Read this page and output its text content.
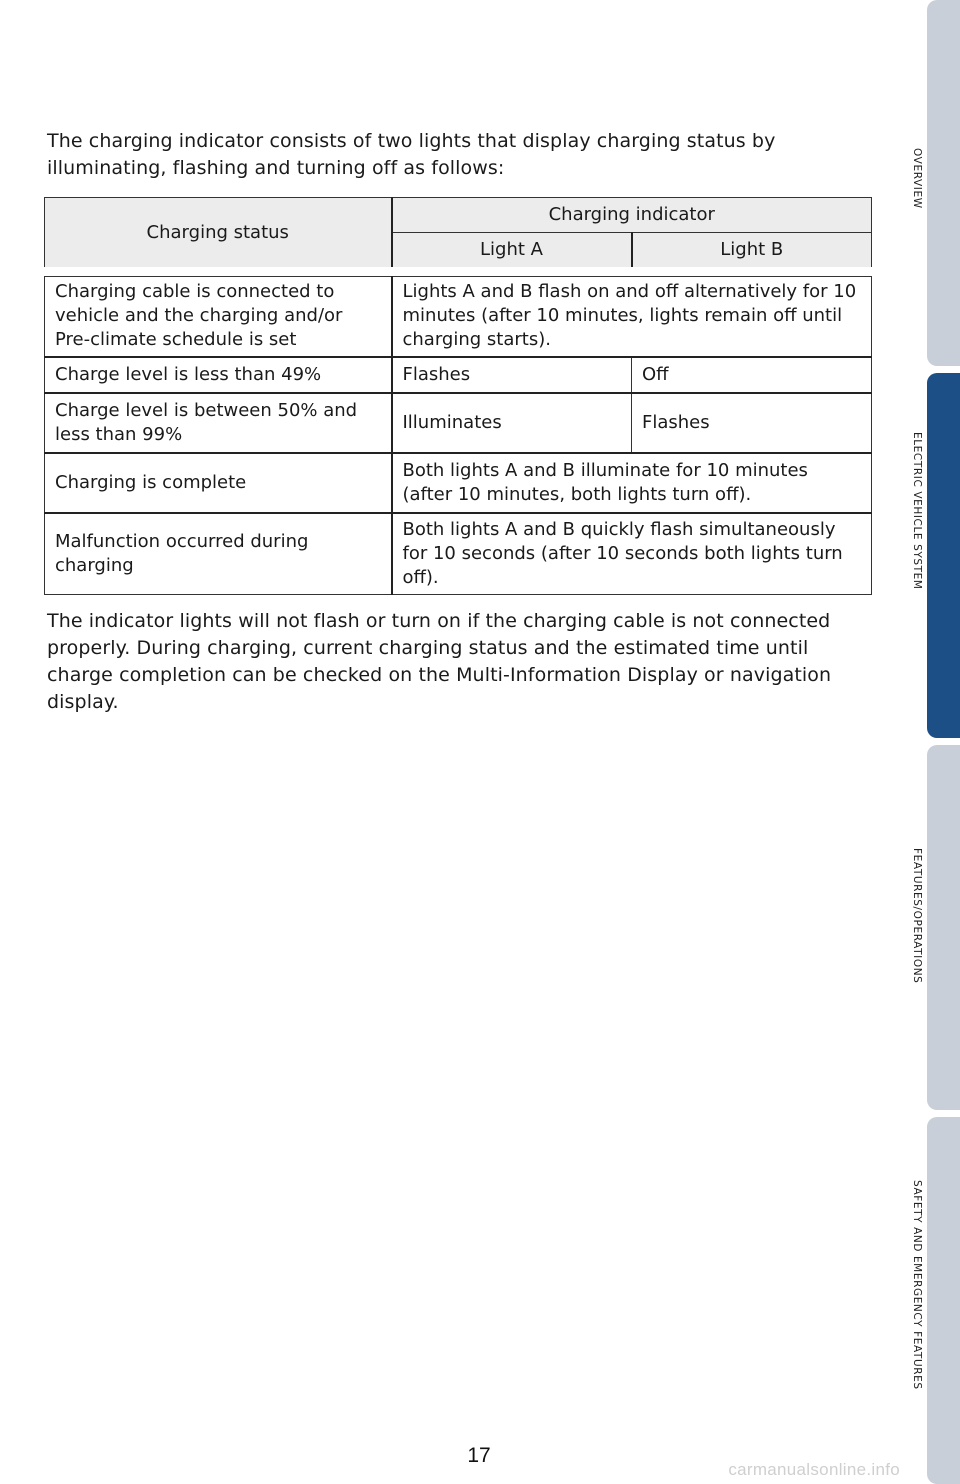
The charging indicator consists of two lights that display charging status by illuminating, flashing and turning off as follows:

Charging status	Charging indicator	
	Light A	Light B
Charging cable is connected to vehicle and the charging and/or Pre-climate schedule is set	Lights A and B flash on and off alternatively for 10 minutes (after 10 minutes, lights remain off until charging starts).	
Charge level is less than 49%	Flashes	Off
Charge level is between 50% and less than 99%	Illuminates	Flashes
Charging is complete	Both lights A and B illuminate for 10 minutes (after 10 minutes, both lights turn off).	
Malfunction occurred during charging	Both lights A and B quickly flash simultaneously for 10 seconds (after 10 seconds both lights turn off).	

The indicator lights will not flash or turn on if the charging cable is not connected properly. During charging, current charging status and the estimated time until charge completion can be checked on the Multi-Information Display or navigation display.

OVERVIEW
ELECTRIC VEHICLE SYSTEM
FEATURES/OPERATIONS
SAFETY AND EMERGENCY FEATURES
17
carmanualsonline.info
